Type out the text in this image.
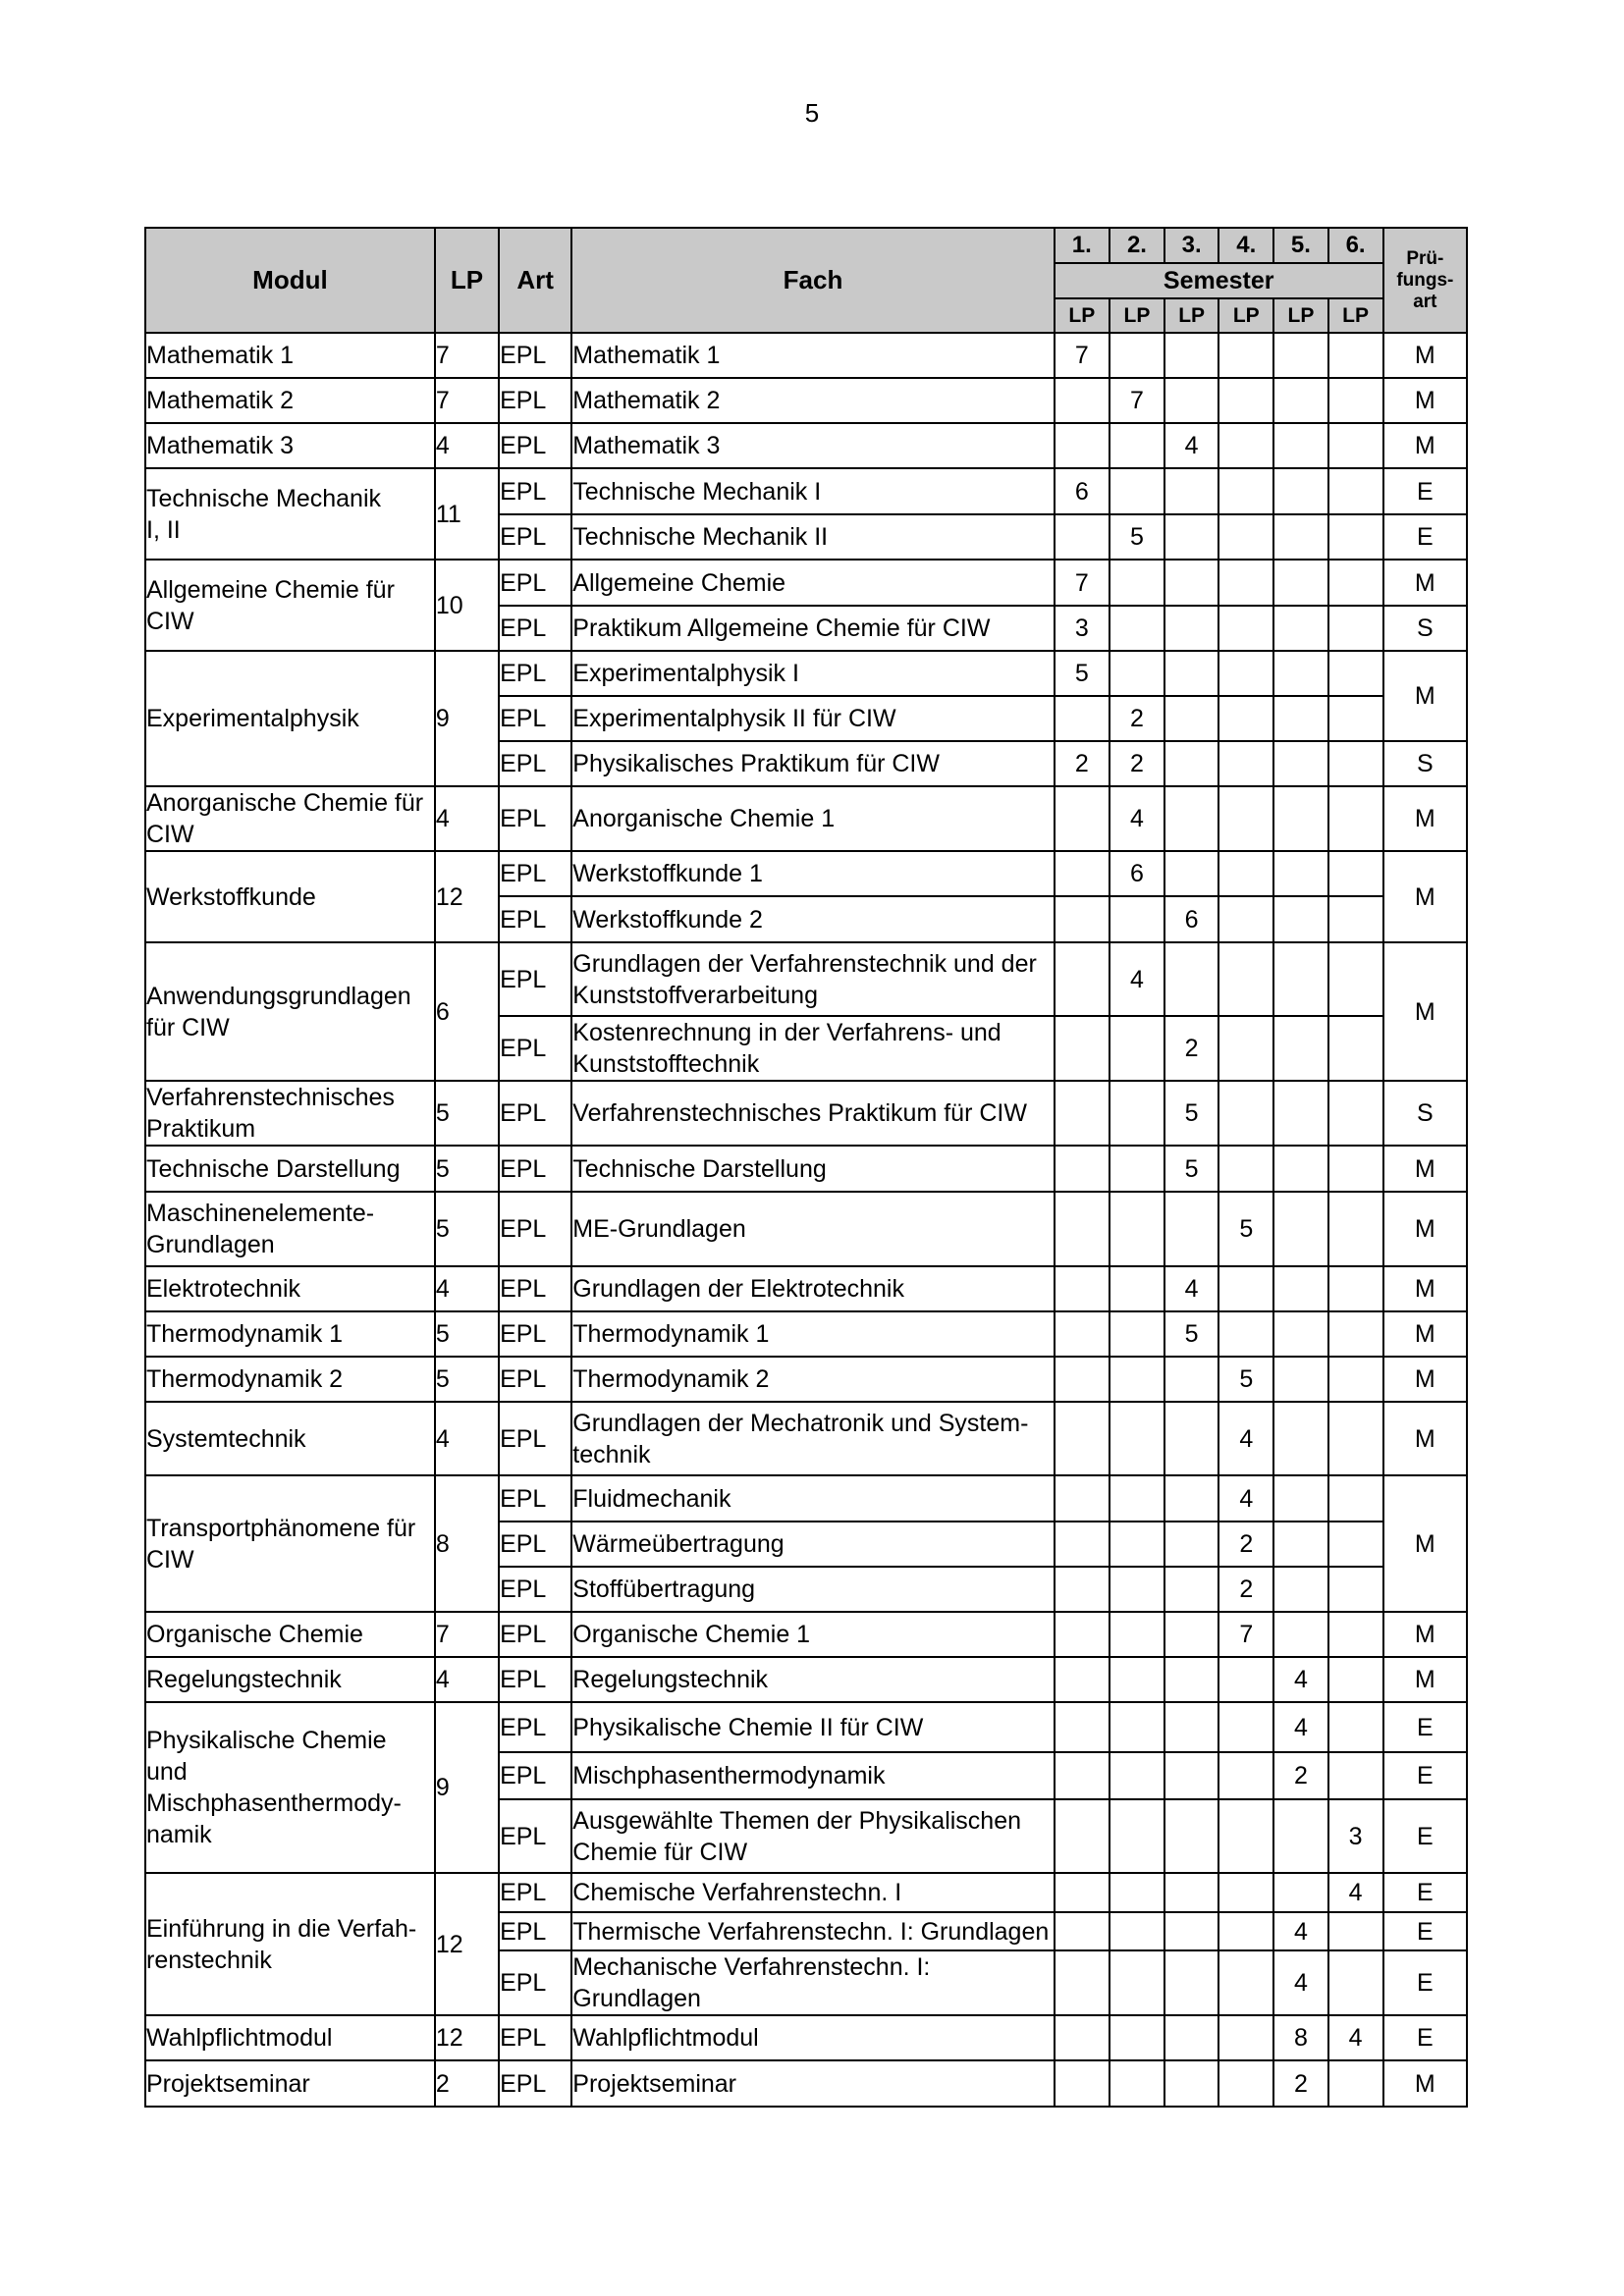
5
Modul	LP	Art	Fach	1.	2.	3.	4.	5.	6.	Prü-
fungs-
art
				Semester						
				LP	LP	LP	LP	LP	LP	
Mathematik 1	7	EPL	Mathematik 1	7						M
Mathematik 2	7	EPL	Mathematik 2		7					M
Mathematik 3	4	EPL	Mathematik 3			4				M
Technische Mechanik
I, II	11	EPL	Technische Mechanik I	6						E
		EPL	Technische Mechanik II		5					E
Allgemeine Chemie für
CIW	10	EPL	Allgemeine Chemie	7						M
		EPL	Praktikum Allgemeine Chemie für CIW	3						S
Experimentalphysik	9	EPL	Experimentalphysik I	5						M
		EPL	Experimentalphysik II für CIW		2					
		EPL	Physikalisches Praktikum für CIW	2	2					S
Anorganische Chemie für
CIW	4	EPL	Anorganische Chemie 1		4					M
Werkstoffkunde	12	EPL	Werkstoffkunde 1		6					M
		EPL	Werkstoffkunde 2			6				
Anwendungsgrundlagen
für CIW	6	EPL	Grundlagen der Verfahrenstechnik und der
Kunststoffverarbeitung		4					M
		EPL	Kostenrechnung in der Verfahrens- und
Kunststofftechnik			2				
Verfahrenstechnisches
Praktikum	5	EPL	Verfahrenstechnisches Praktikum für CIW			5				S
Technische Darstellung	5	EPL	Technische Darstellung			5				M
Maschinenelemente-
Grundlagen	5	EPL	ME-Grundlagen				5			M
Elektrotechnik	4	EPL	Grundlagen der Elektrotechnik			4				M
Thermodynamik 1	5	EPL	Thermodynamik 1			5				M
Thermodynamik 2	5	EPL	Thermodynamik 2				5			M
Systemtechnik	4	EPL	Grundlagen der Mechatronik und System-
technik				4			M
Transportphänomene für
CIW	8	EPL	Fluidmechanik				4			M
		EPL	Wärmeübertragung				2			
		EPL	Stoffübertragung				2			
Organische Chemie	7	EPL	Organische Chemie 1				7			M
Regelungstechnik	4	EPL	Regelungstechnik					4		M
Physikalische Chemie und
Mischphasenthermody-
namik	9	EPL	Physikalische Chemie II für CIW					4		E
		EPL	Mischphasenthermodynamik					2		E
		EPL	Ausgewählte Themen der Physikalischen
Chemie für CIW						3	E
Einführung in die Verfah-
renstechnik	12	EPL	Chemische Verfahrenstechn. I						4	E
		EPL	Thermische Verfahrenstechn. I: Grundlagen					4		E
		EPL	Mechanische Verfahrenstechn. I: Grundlagen					4		E
Wahlpflichtmodul	12	EPL	Wahlpflichtmodul					8	4	E
Projektseminar	2	EPL	Projektseminar					2		M
